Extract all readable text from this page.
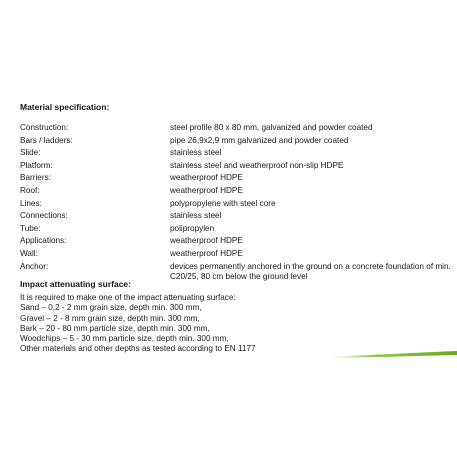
Material specification:
Construction:	steel profile 80 x 80 mm, galvanized and powder coated
Bars / ladders:	pipe 26,9x2,9 mm galvanized and powder coated
Slide:	stainless steel
Platform:	stainless steel and weatherproof non-slip HDPE
Barriers:	weatherproof HDPE
Roof:	weatherproof HDPE
Lines:	polypropylene with steel core
Connections:	stainless steel
Tube:	polipropylen
Applications:	weatherproof HDPE
Wall:	weatherproof HDPE
Anchor:	devices permanently anchored in the ground on a concrete foundation of min. C20/25, 80 cm below the ground level
Impact attenuating surface:
It is required to make one of the impact attenuating surface:
Sand – 0,2 - 2 mm grain size, depth min. 300 mm,
Gravel – 2 - 8 mm grain size, depth min. 300 mm,
Bark – 20 - 80 mm particle size, depth min. 300 mm,
Woodchips – 5 - 30 mm particle size, depth min. 300 mm,
Other materials and other depths as tested according to EN 1177
